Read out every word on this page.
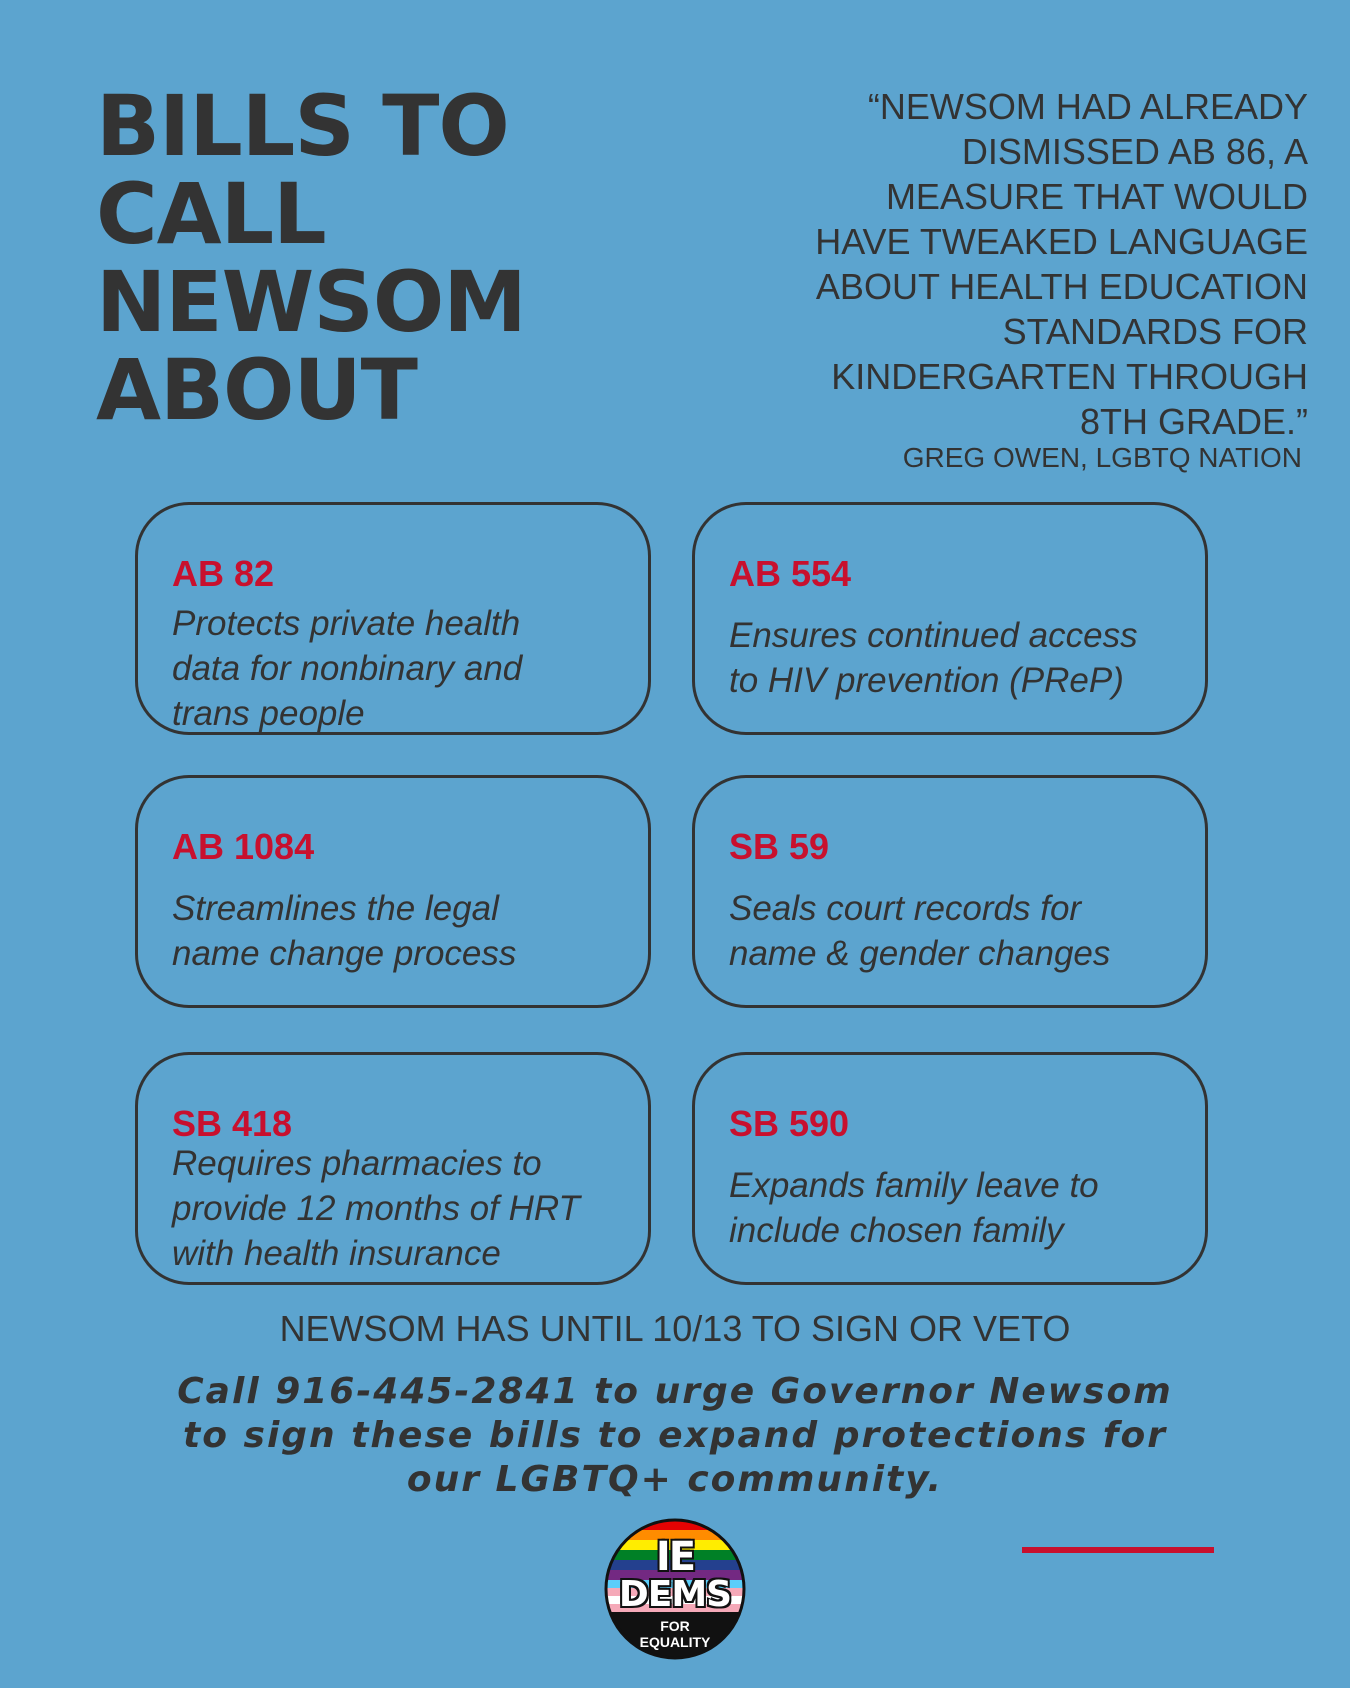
BILLS TO
CALL
NEWSOM
ABOUT

“NEWSOM HAD ALREADY
DISMISSED AB 86, A
MEASURE THAT WOULD
HAVE TWEAKED LANGUAGE
ABOUT HEALTH EDUCATION
STANDARDS FOR
KINDERGARTEN THROUGH
8TH GRADE.”

GREG OWEN, LGBTQ NATION
AB 82
Protects private health
data for nonbinary and
trans people
AB 554
Ensures continued access
to HIV prevention (PReP)
AB 1084
Streamlines the legal
name change process
SB 59
Seals court records for
name & gender changes
SB 418
Requires pharmacies to
provide 12 months of HRT
with health insurance
SB 590
Expands family leave to
include chosen family
NEWSOM HAS UNTIL 10/13 TO SIGN OR VETO
Call 916-445-2841 to urge Governor Newsom
to sign these bills to expand protections for
our LGBTQ+ community.
IE
DEMS
FOR
EQUALITY
